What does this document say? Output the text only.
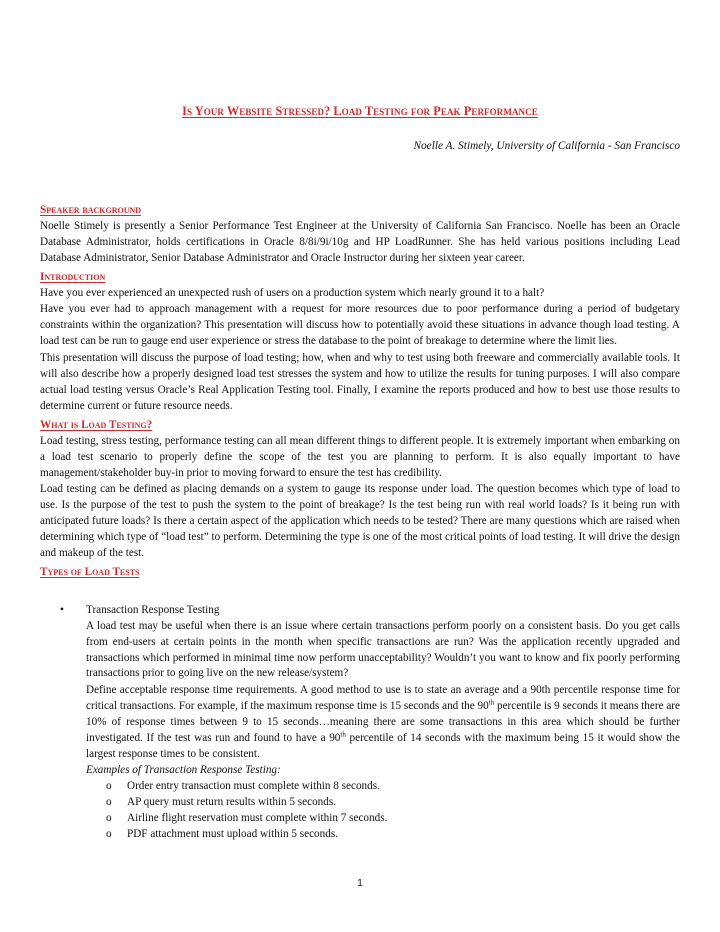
Is Your Website Stressed? Load Testing for Peak Performance
Noelle A. Stimely, University of California - San Francisco
Speaker background

Noelle Stimely is presently a Senior Performance Test Engineer at the University of California San Francisco. Noelle has been an Oracle Database Administrator, holds certifications in Oracle 8/8i/9i/10g and HP LoadRunner. She has held various positions including Lead Database Administrator, Senior Database Administrator and Oracle Instructor during her sixteen year career.

Introduction

Have you ever experienced an unexpected rush of users on a production system which nearly ground it to a halt?

Have you ever had to approach management with a request for more resources due to poor performance during a period of budgetary constraints within the organization? This presentation will discuss how to potentially avoid these situations in advance though load testing. A load test can be run to gauge end user experience or stress the database to the point of breakage to determine where the limit lies.

This presentation will discuss the purpose of load testing; how, when and why to test using both freeware and commercially available tools. It will also describe how a properly designed load test stresses the system and how to utilize the results for tuning purposes. I will also compare actual load testing versus Oracle’s Real Application Testing tool. Finally, I examine the reports produced and how to best use those results to determine current or future resource needs.

What is Load Testing?

Load testing, stress testing, performance testing can all mean different things to different people. It is extremely important when embarking on a load test scenario to properly define the scope of the test you are planning to perform. It is also equally important to have management/stakeholder buy-in prior to moving forward to ensure the test has credibility.

Load testing can be defined as placing demands on a system to gauge its response under load. The question becomes which type of load to use. Is the purpose of the test to push the system to the point of breakage? Is the test being run with real world loads? Is it being run with anticipated future loads? Is there a certain aspect of the application which needs to be tested? There are many questions which are raised when determining which type of “load test” to perform. Determining the type is one of the most critical points of load testing. It will drive the design and makeup of the test.

Types of Load Tests
• Transaction Response Testing

A load test may be useful when there is an issue where certain transactions perform poorly on a consistent basis. Do you get calls from end-users at certain points in the month when specific transactions are run? Was the application recently upgraded and transactions which performed in minimal time now perform unacceptability? Wouldn’t you want to know and fix poorly performing transactions prior to going live on the new release/system?

Define acceptable response time requirements. A good method to use is to state an average and a 90th percentile response time for critical transactions. For example, if the maximum response time is 15 seconds and the 90th percentile is 9 seconds it means there are 10% of response times between 9 to 15 seconds…meaning there are some transactions in this area which should be further investigated. If the test was run and found to have a 90th percentile of 14 seconds with the maximum being 15 it would show the largest response times to be consistent.

Examples of Transaction Response Testing:
o Order entry transaction must complete within 8 seconds.
o AP query must return results within 5 seconds.
o Airline flight reservation must complete within 7 seconds.
o PDF attachment must upload within 5 seconds.
1
